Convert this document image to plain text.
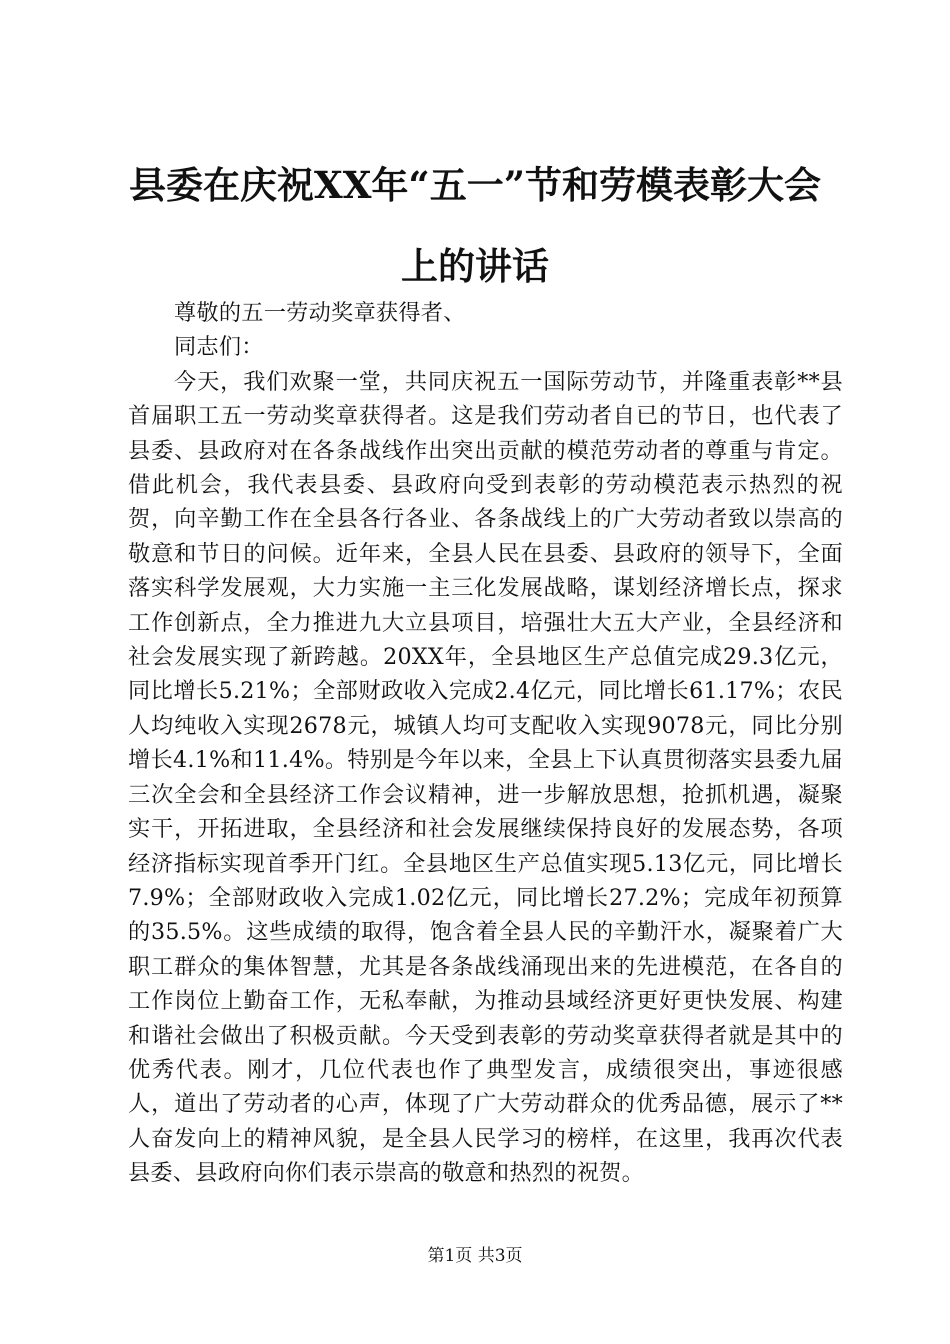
县委在庆祝XX年“五一”节和劳模表彰大会
上的讲话

尊敬的五一劳动奖章获得者、

同志们：

今天，我们欢聚一堂，共同庆祝五一国际劳动节，并隆重表彰**县首届职工五一劳动奖章获得者。这是我们劳动者自已的节日，也代表了县委、县政府对在各条战线作出突出贡献的模范劳动者的尊重与肯定。借此机会，我代表县委、县政府向受到表彰的劳动模范表示热烈的祝贺，向辛勤工作在全县各行各业、各条战线上的广大劳动者致以崇高的敬意和节日的问候。近年来，全县人民在县委、县政府的领导下，全面落实科学发展观，大力实施一主三化发展战略，谋划经济增长点，探求工作创新点，全力推进九大立县项目，培强壮大五大产业，全县经济和社会发展实现了新跨越。20XX年，全县地区生产总值完成29.3亿元，同比增长5.21%；全部财政收入完成2.4亿元，同比增长61.17%；农民人均纯收入实现2678元，城镇人均可支配收入实现9078元，同比分别增长4.1%和11.4%。特别是今年以来，全县上下认真贯彻落实县委九届三次全会和全县经济工作会议精神，进一步解放思想，抢抓机遇，凝聚实干，开拓进取，全县经济和社会发展继续保持良好的发展态势，各项经济指标实现首季开门红。全县地区生产总值实现5.13亿元，同比增长7.9%；全部财政收入完成1.02亿元，同比增长27.2%；完成年初预算的35.5%。这些成绩的取得，饱含着全县人民的辛勤汗水，凝聚着广大职工群众的集体智慧，尤其是各条战线涌现出来的先进模范，在各自的工作岗位上勤奋工作，无私奉献，为推动县域经济更好更快发展、构建和谐社会做出了积极贡献。今天受到表彰的劳动奖章获得者就是其中的优秀代表。刚才，几位代表也作了典型发言，成绩很突出，事迹很感人，道出了劳动者的心声，体现了广大劳动群众的优秀品德，展示了**人奋发向上的精神风貌，是全县人民学习的榜样，在这里，我再次代表县委、县政府向你们表示崇高的敬意和热烈的祝贺。

第1页 共3页
